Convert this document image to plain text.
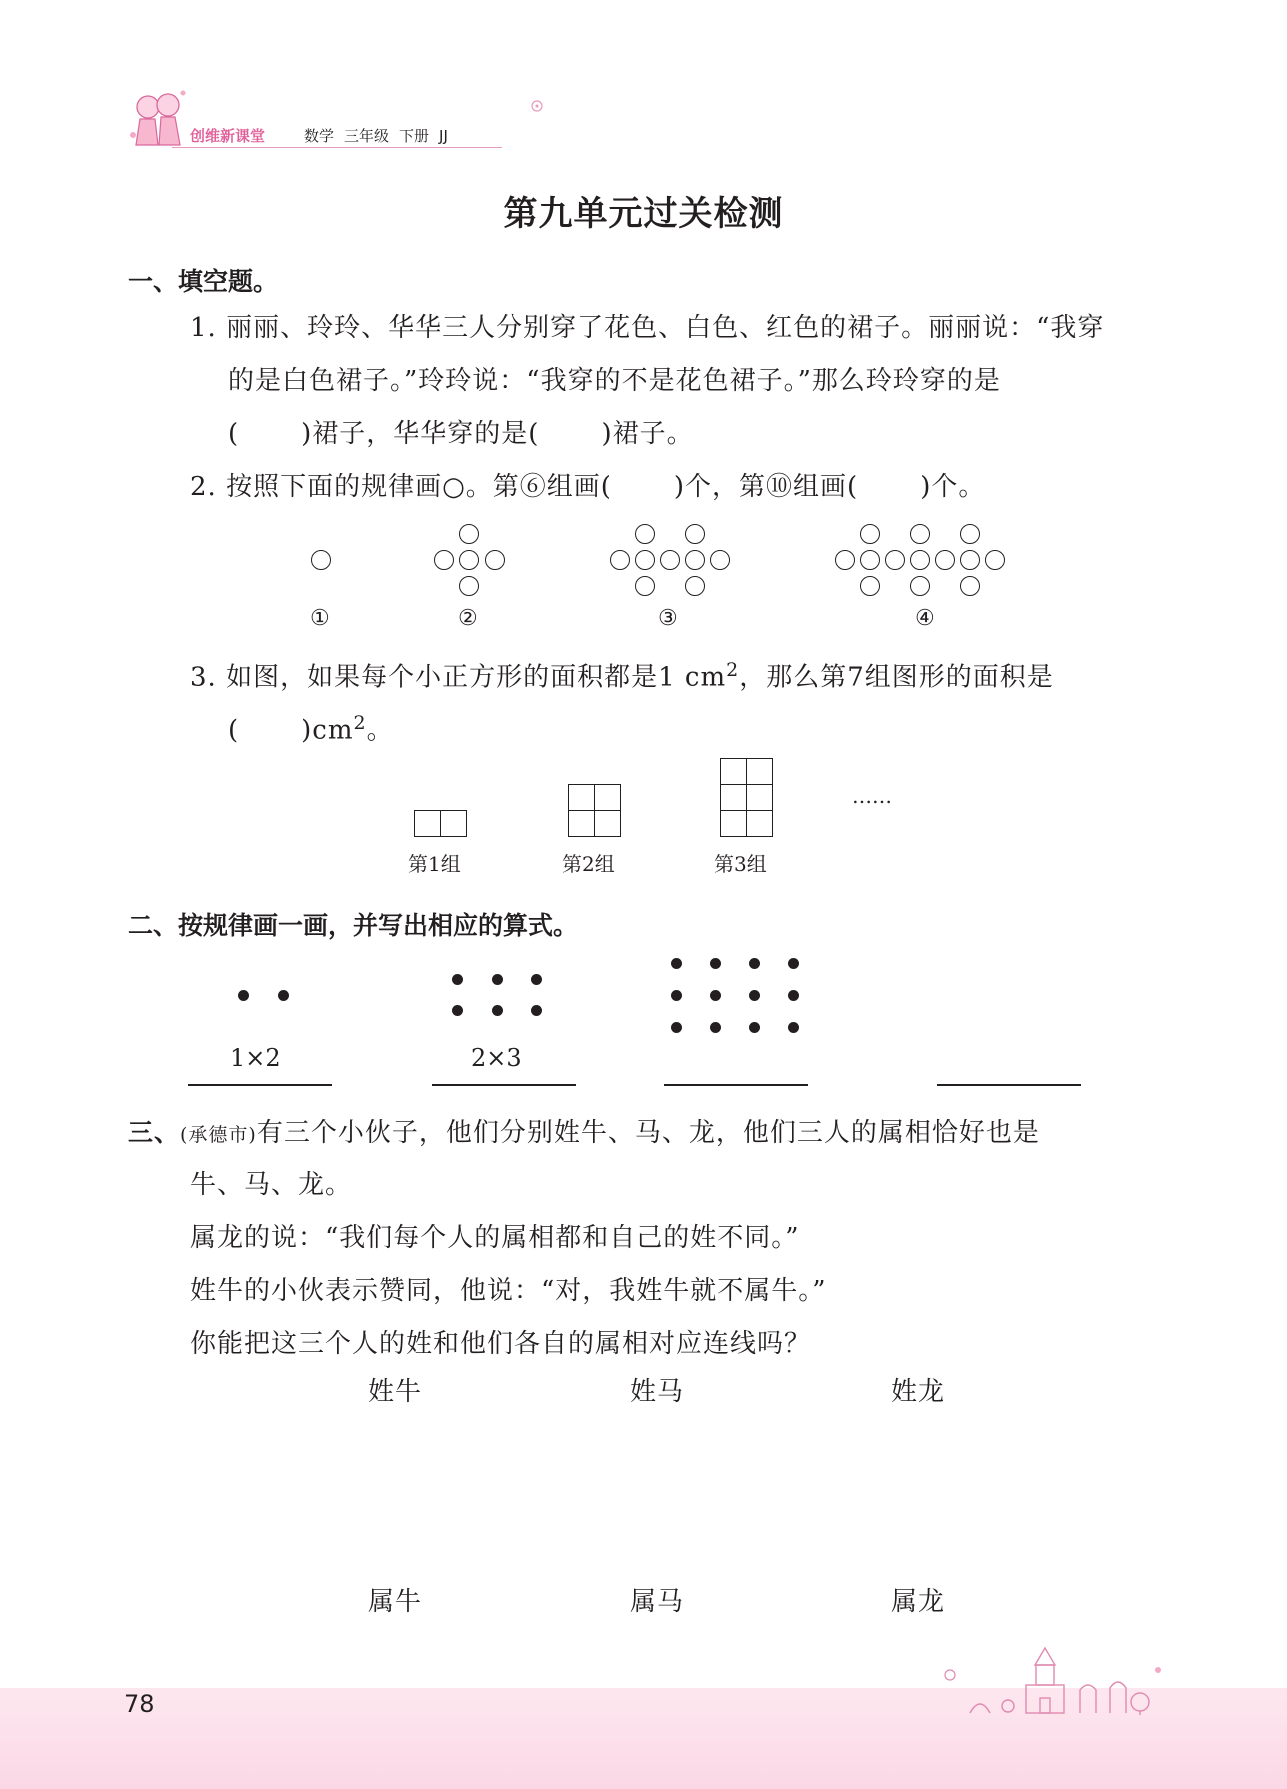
创维新课堂	数学 三年级 下册 JJ
第九单元过关检测
一、填空题。
1. 丽丽、玲玲、华华三人分别穿了花色、白色、红色的裙子。丽丽说：“我穿
的是白色裙子。”玲玲说：“我穿的不是花色裙子。”那么玲玲穿的是
( )裙子，华华穿的是( )裙子。
2. 按照下面的规律画○。第⑥组画( )个，第⑩组画( )个。
①	②	③	④
3. 如图，如果每个小正方形的面积都是1 $cm^2$，那么第7组图形的面积是
( )$cm^2$。
……
第1组	第2组	第3组
二、按规律画一画，并写出相应的算式。
1×2	2×3
三、(承德市)有三个小伙子，他们分别姓牛、马、龙，他们三人的属相恰好也是
牛、马、龙。
属龙的说：“我们每个人的属相都和自己的姓不同。”
姓牛的小伙表示赞同，他说：“对，我姓牛就不属牛。”
你能把这三个人的姓和他们各自的属相对应连线吗？
姓牛	姓马	姓龙
属牛	属马	属龙
78
